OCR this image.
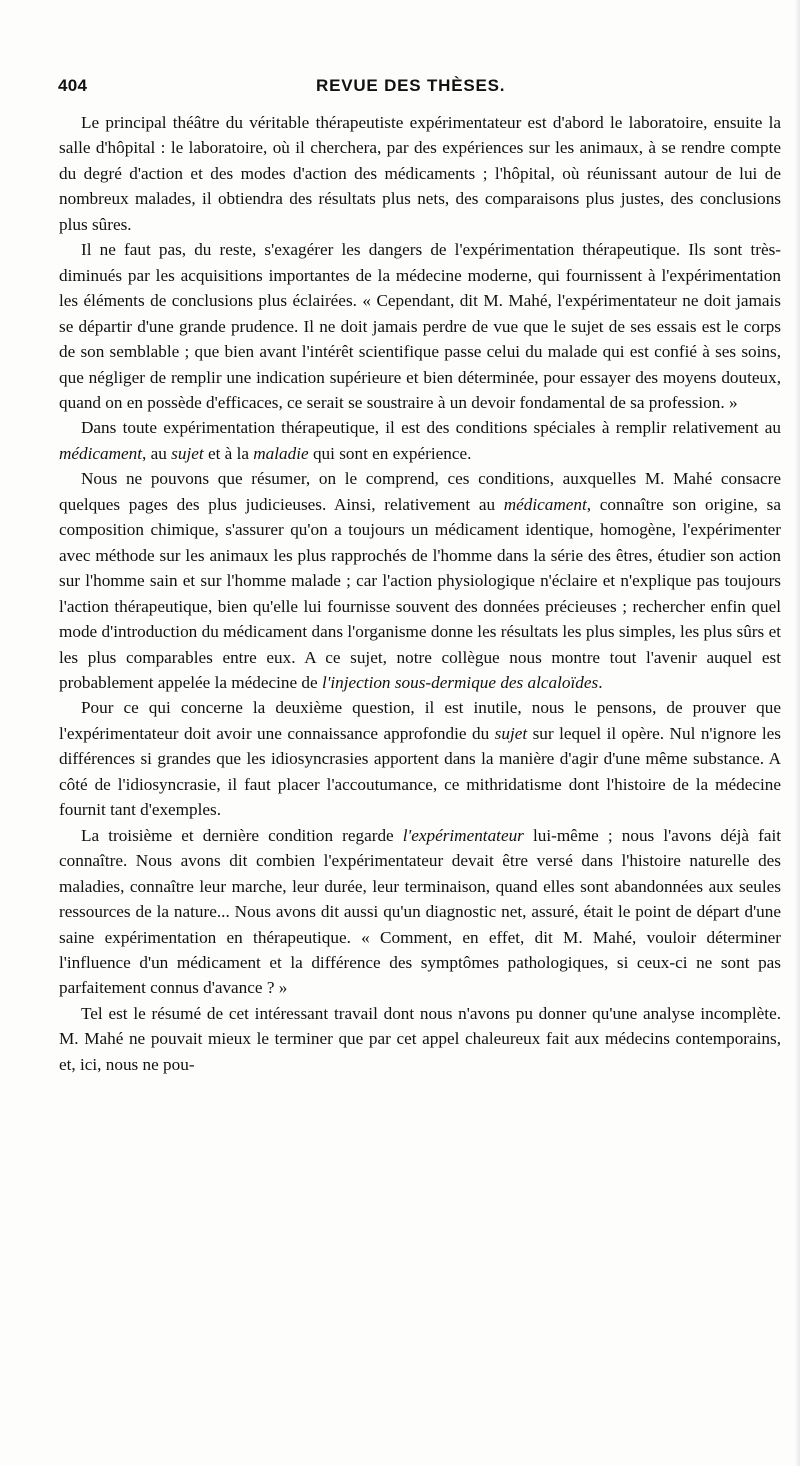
404	REVUE DES THÈSES.

Le principal théâtre du véritable thérapeutiste expérimentateur est d'abord le laboratoire, ensuite la salle d'hôpital : le laboratoire, où il cherchera, par des expériences sur les animaux, à se rendre compte du degré d'action et des modes d'action des médicaments ; l'hôpital, où réunissant autour de lui de nombreux malades, il obtiendra des résultats plus nets, des comparaisons plus justes, des conclusions plus sûres.

Il ne faut pas, du reste, s'exagérer les dangers de l'expérimentation thérapeutique. Ils sont très-diminués par les acquisitions importantes de la médecine moderne, qui fournissent à l'expérimentation les éléments de conclusions plus éclairées. « Cependant, dit M. Mahé, l'expérimentateur ne doit jamais se départir d'une grande prudence. Il ne doit jamais perdre de vue que le sujet de ses essais est le corps de son semblable ; que bien avant l'intérêt scientifique passe celui du malade qui est confié à ses soins, que négliger de remplir une indication supérieure et bien déterminée, pour essayer des moyens douteux, quand on en possède d'efficaces, ce serait se soustraire à un devoir fondamental de sa profession. »

Dans toute expérimentation thérapeutique, il est des conditions spéciales à remplir relativement au médicament, au sujet et à la maladie qui sont en expérience.

Nous ne pouvons que résumer, on le comprend, ces conditions, auxquelles M. Mahé consacre quelques pages des plus judicieuses. Ainsi, relativement au médicament, connaître son origine, sa composition chimique, s'assurer qu'on a toujours un médicament identique, homogène, l'expérimenter avec méthode sur les animaux les plus rapprochés de l'homme dans la série des êtres, étudier son action sur l'homme sain et sur l'homme malade ; car l'action physiologique n'éclaire et n'explique pas toujours l'action thérapeutique, bien qu'elle lui fournisse souvent des données précieuses ; rechercher enfin quel mode d'introduction du médicament dans l'organisme donne les résultats les plus simples, les plus sûrs et les plus comparables entre eux. A ce sujet, notre collègue nous montre tout l'avenir auquel est probablement appelée la médecine de l'injection sous-dermique des alcaloïdes.

Pour ce qui concerne la deuxième question, il est inutile, nous le pensons, de prouver que l'expérimentateur doit avoir une connaissance approfondie du sujet sur lequel il opère. Nul n'ignore les différences si grandes que les idiosyncrasies apportent dans la manière d'agir d'une même substance. A côté de l'idiosyncrasie, il faut placer l'accoutumance, ce mithridatisme dont l'histoire de la médecine fournit tant d'exemples.

La troisième et dernière condition regarde l'expérimentateur lui-même ; nous l'avons déjà fait connaître. Nous avons dit combien l'expérimentateur devait être versé dans l'histoire naturelle des maladies, connaître leur marche, leur durée, leur terminaison, quand elles sont abandonnées aux seules ressources de la nature... Nous avons dit aussi qu'un diagnostic net, assuré, était le point de départ d'une saine expérimentation en thérapeutique. « Comment, en effet, dit M. Mahé, vouloir déterminer l'influence d'un médicament et la différence des symptômes pathologiques, si ceux-ci ne sont pas parfaitement connus d'avance ? »

Tel est le résumé de cet intéressant travail dont nous n'avons pu donner qu'une analyse incomplète. M. Mahé ne pouvait mieux le terminer que par cet appel chaleureux fait aux médecins contemporains, et, ici, nous ne pou-
